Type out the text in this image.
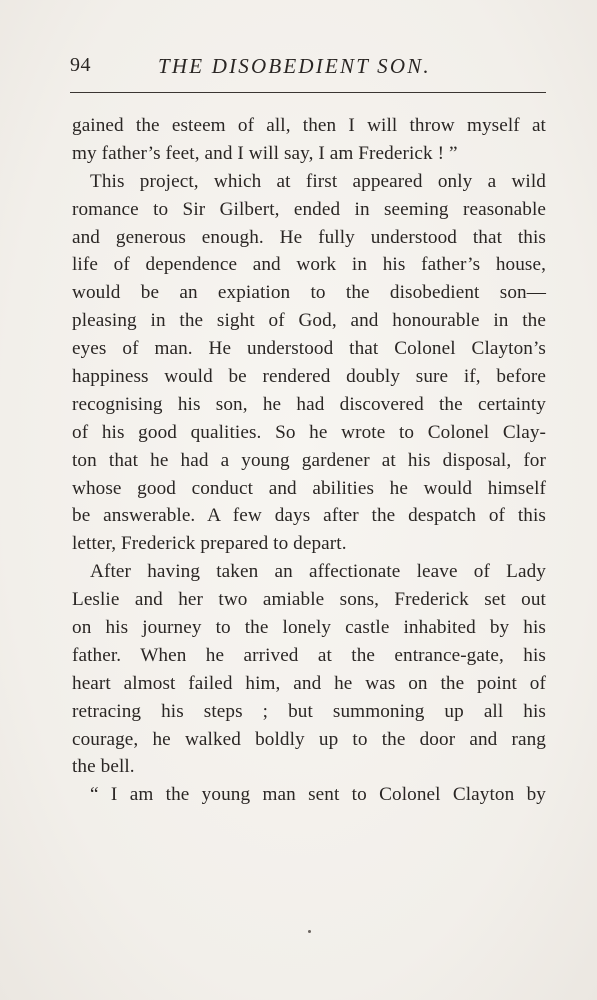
94	THE DISOBEDIENT SON.
gained the esteem of all, then I will throw myself at
my father’s feet, and I will say, I am Frederick ! ”
This project, which at first appeared only a wild
romance to Sir Gilbert, ended in seeming reasonable
and generous enough. He fully understood that this
life of dependence and work in his father’s house,
would be an expiation to the disobedient son—
pleasing in the sight of God, and honourable in the
eyes of man. He understood that Colonel Clayton’s
happiness would be rendered doubly sure if, before
recognising his son, he had discovered the certainty
of his good qualities. So he wrote to Colonel Clay-
ton that he had a young gardener at his disposal, for
whose good conduct and abilities he would himself
be answerable. A few days after the despatch of this
letter, Frederick prepared to depart.
After having taken an affectionate leave of Lady
Leslie and her two amiable sons, Frederick set out
on his journey to the lonely castle inhabited by his
father. When he arrived at the entrance-gate, his
heart almost failed him, and he was on the point of
retracing his steps ; but summoning up all his
courage, he walked boldly up to the door and rang
the bell.
“ I am the young man sent to Colonel Clayton by
